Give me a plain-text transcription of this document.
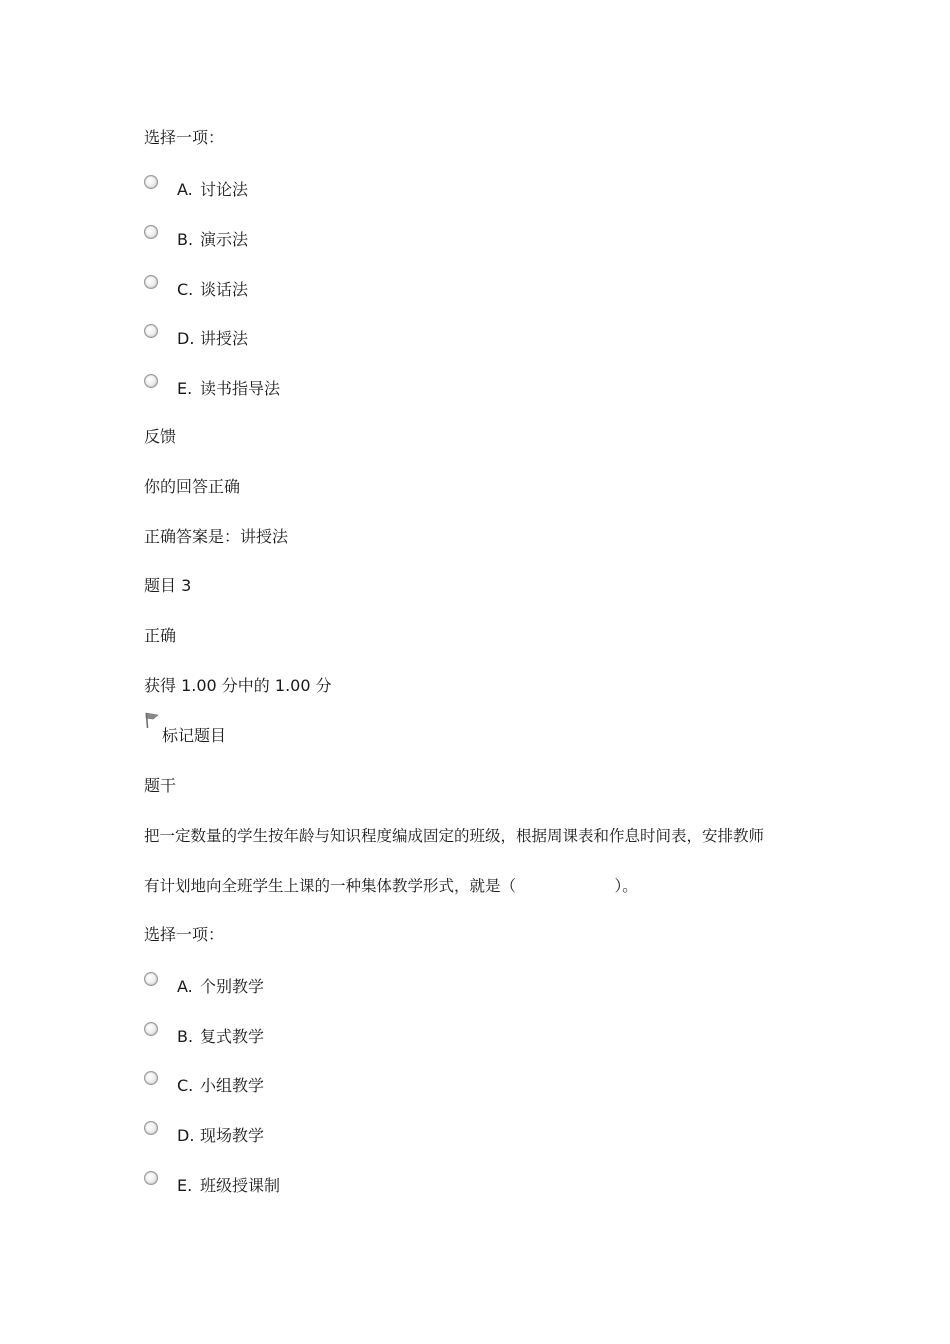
选择一项：
A. 讨论法
B. 演示法
C. 谈话法
D. 讲授法
E. 读书指导法
反馈
你的回答正确
正确答案是：讲授法
题目 3
正确
获得 1.00 分中的 1.00 分
标记题目
题干
把一定数量的学生按年龄与知识程度编成固定的班级，根据周课表和作息时间表，安排教师
有计划地向全班学生上课的一种集体教学形式，就是（                    ）。
选择一项：
A. 个别教学
B. 复式教学
C. 小组教学
D. 现场教学
E. 班级授课制
